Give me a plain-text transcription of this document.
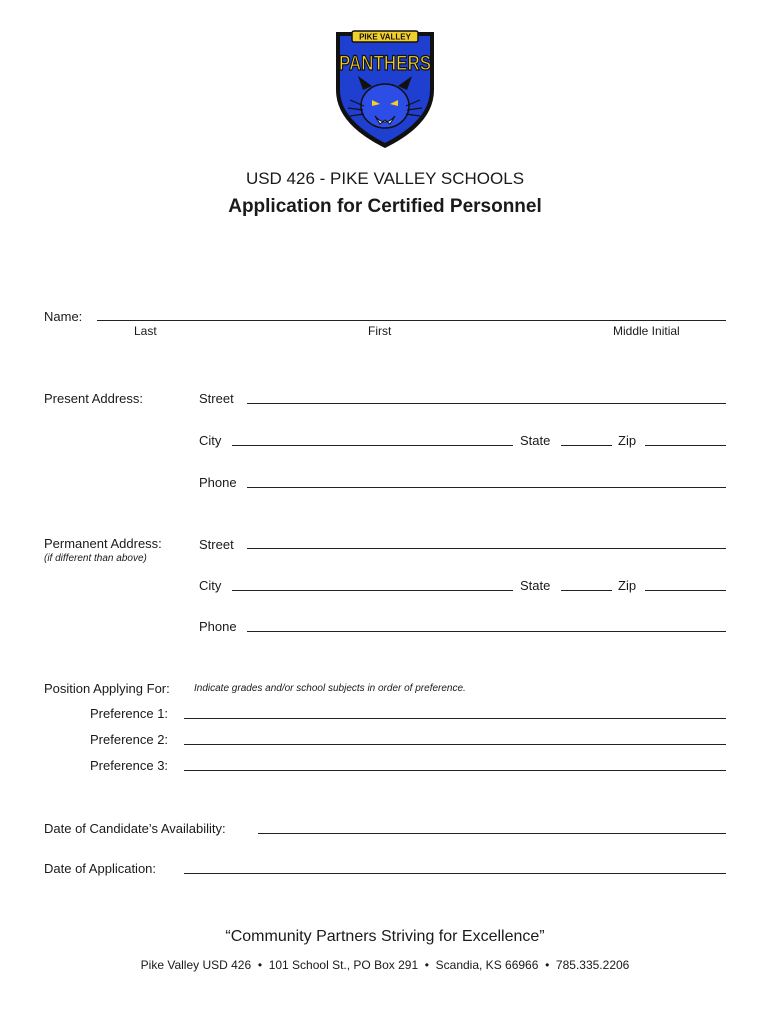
PIKE VALLEY
PANTHERS
USD 426 - PIKE VALLEY SCHOOLS
Application for Certified Personnel
Name:
Last	First	Middle Initial
Present Address:	Street
City	State	Zip
Phone
Permanent Address:
(if different than above)
Street
City	State	Zip
Phone
Position Applying For: Indicate grades and/or school subjects in order of preference.
Preference 1:
Preference 2:
Preference 3:
Date of Candidate’s Availability:
Date of Application:
“Community Partners Striving for Excellence”
Pike Valley USD 426  •  101 School St., PO Box 291  •  Scandia, KS 66966  •  785.335.2206
